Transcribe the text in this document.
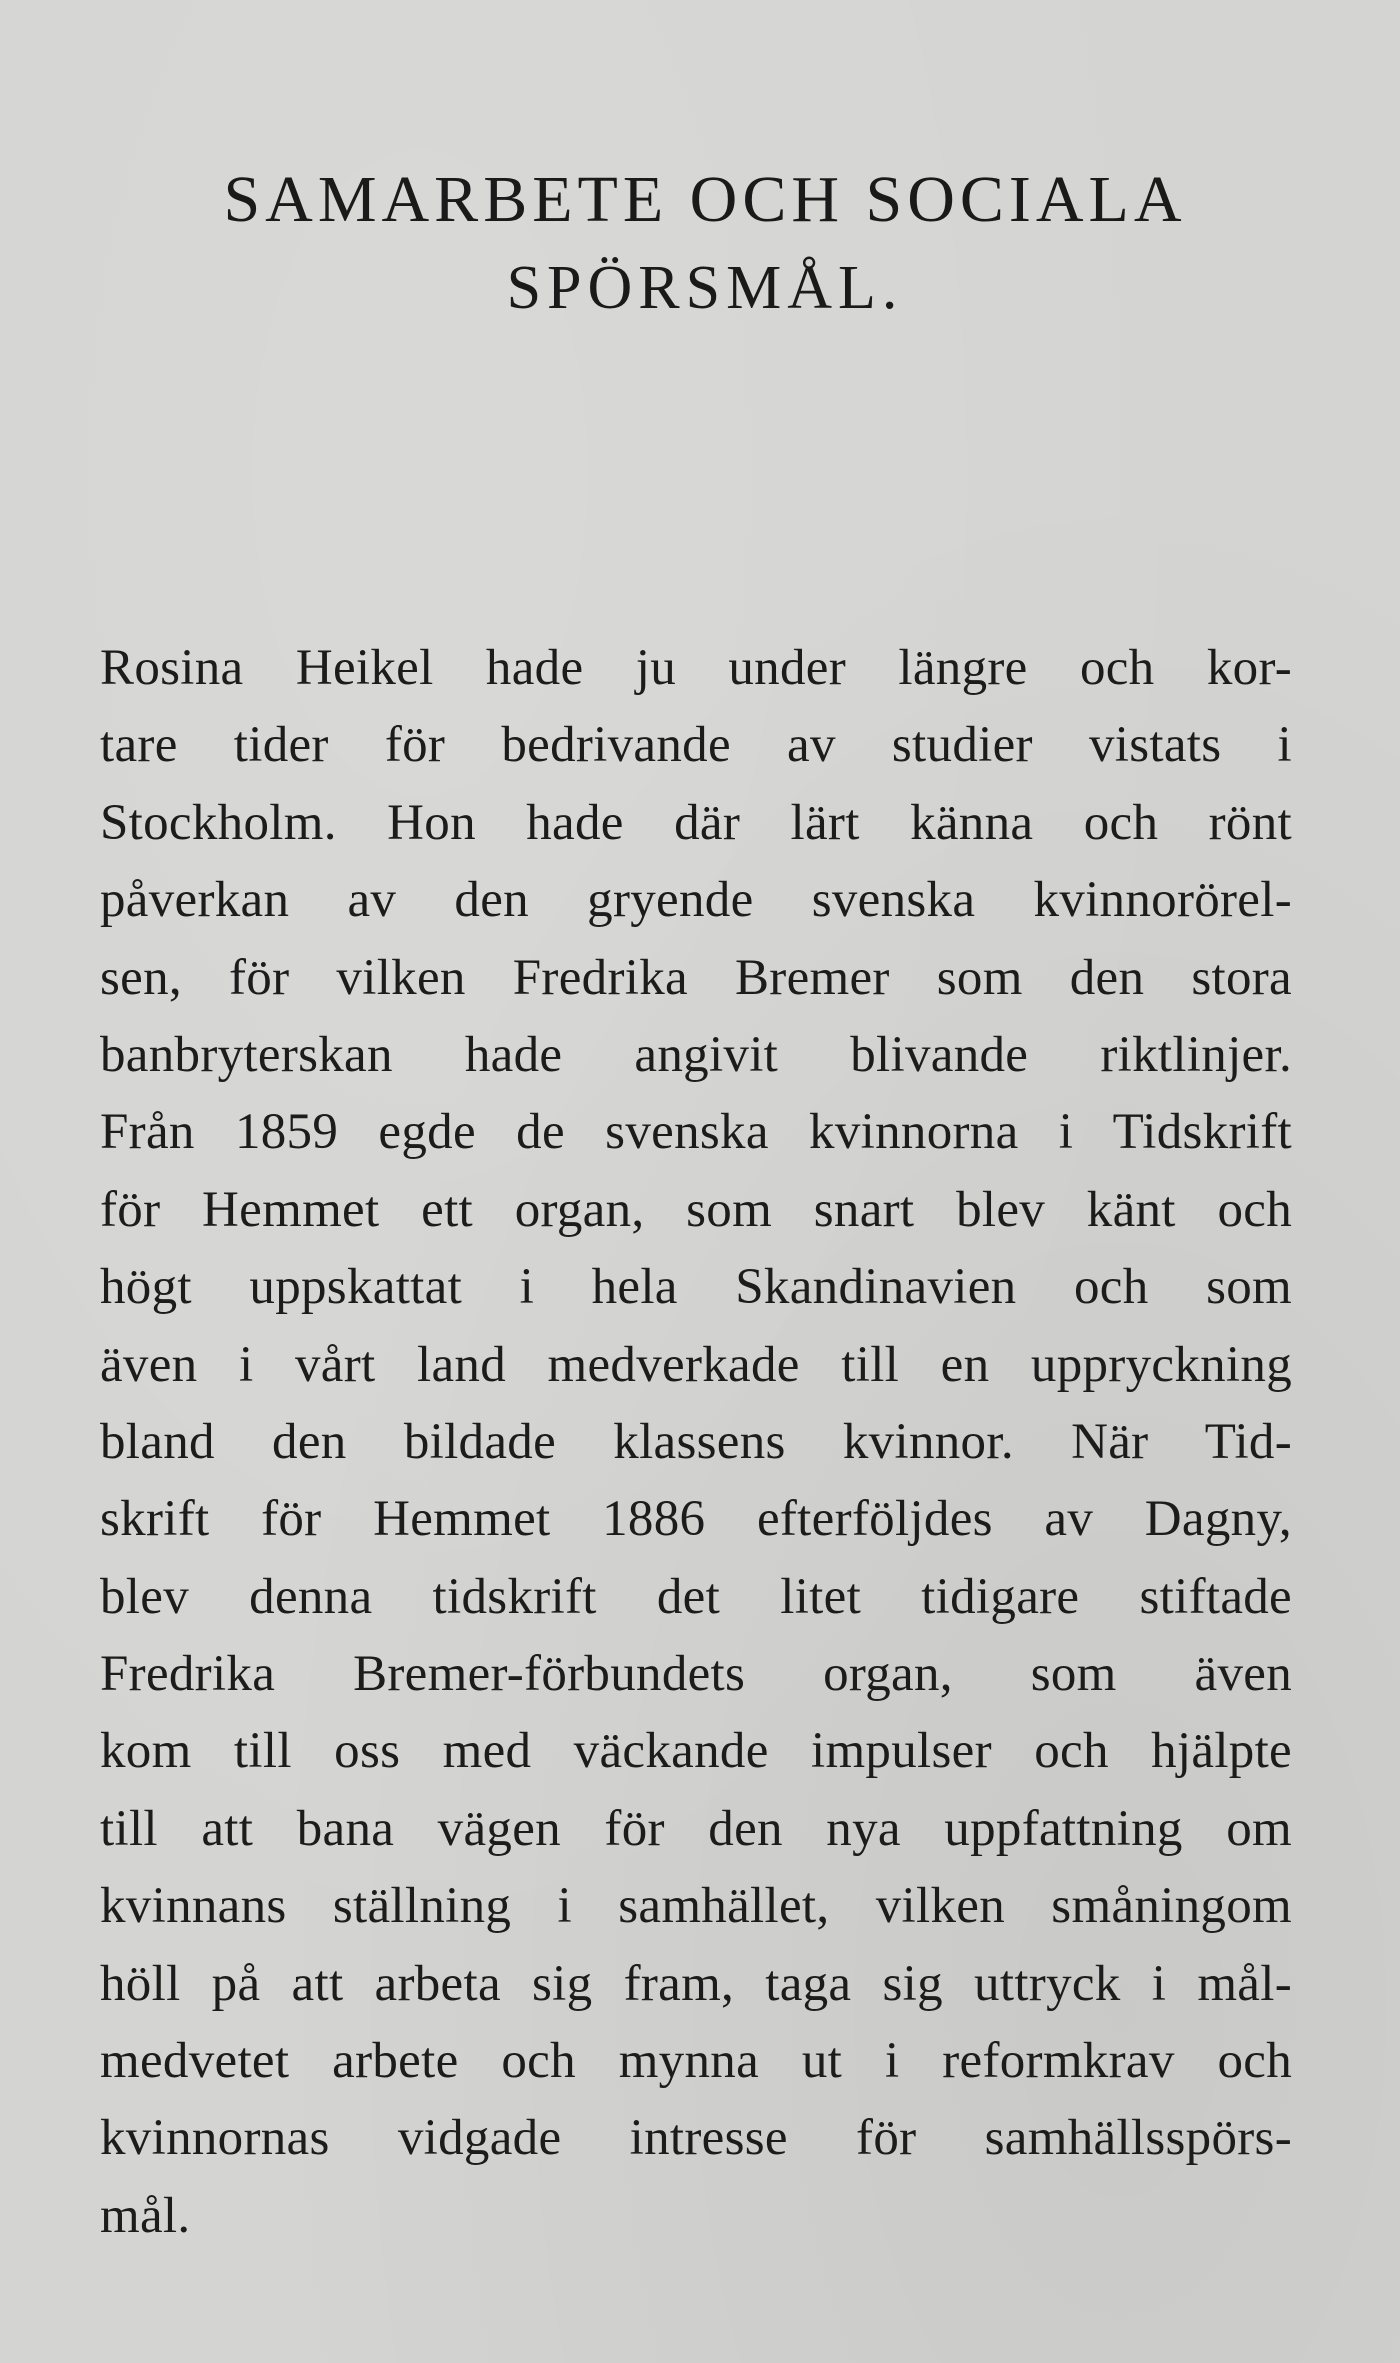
SAMARBETE OCH SOCIALA
SPÖRSMÅL.
Rosina Heikel hade ju under längre och kor-
tare tider för bedrivande av studier vistats i
Stockholm. Hon hade där lärt känna och rönt
påverkan av den gryende svenska kvinnorörel-
sen, för vilken Fredrika Bremer som den stora
banbryterskan hade angivit blivande riktlinjer.
Från 1859 egde de svenska kvinnorna i Tidskrift
för Hemmet ett organ, som snart blev känt och
högt uppskattat i hela Skandinavien och som
även i vårt land medverkade till en uppryckning
bland den bildade klassens kvinnor. När Tid-
skrift för Hemmet 1886 efterföljdes av Dagny,
blev denna tidskrift det litet tidigare stiftade
Fredrika Bremer-förbundets organ, som även
kom till oss med väckande impulser och hjälpte
till att bana vägen för den nya uppfattning om
kvinnans ställning i samhället, vilken småningom
höll på att arbeta sig fram, taga sig uttryck i mål-
medvetet arbete och mynna ut i reformkrav och
kvinnornas vidgade intresse för samhällsspörs-
mål.
